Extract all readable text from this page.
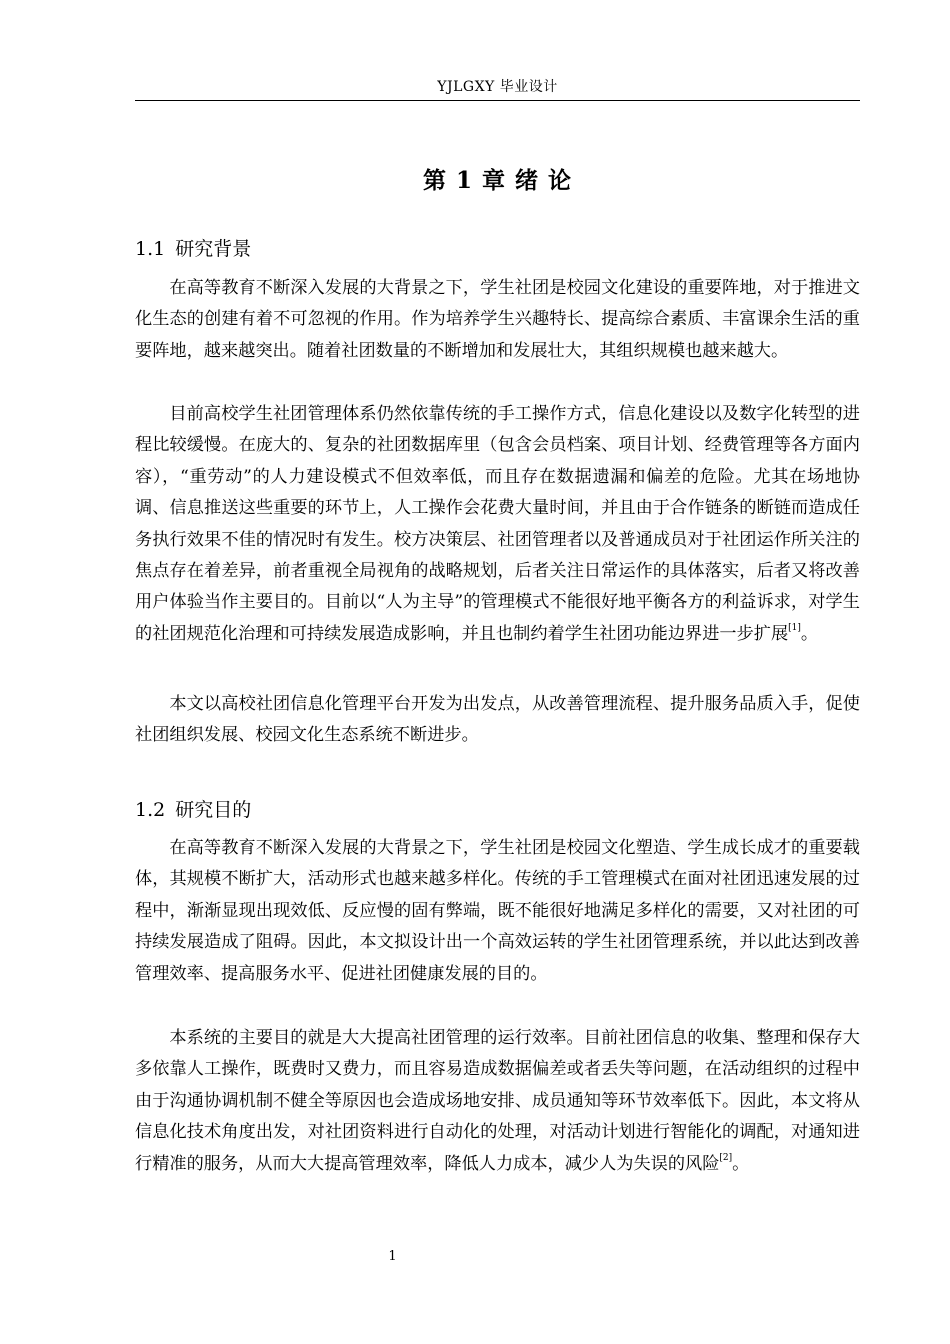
YJLGXY 毕业设计
第 1 章 绪 论
1.1 研究背景

在高等教育不断深入发展的大背景之下，学生社团是校园文化建设的重要阵地，对于推进文化生态的创建有着不可忽视的作用。作为培养学生兴趣特长、提高综合素质、丰富课余生活的重要阵地，越来越突出。随着社团数量的不断增加和发展壮大，其组织规模也越来越大。

目前高校学生社团管理体系仍然依靠传统的手工操作方式，信息化建设以及数字化转型的进程比较缓慢。在庞大的、复杂的社团数据库里（包含会员档案、项目计划、经费管理等各方面内容），“重劳动”的人力建设模式不但效率低，而且存在数据遗漏和偏差的危险。尤其在场地协调、信息推送这些重要的环节上，人工操作会花费大量时间，并且由于合作链条的断链而造成任务执行效果不佳的情况时有发生。校方决策层、社团管理者以及普通成员对于社团运作所关注的焦点存在着差异，前者重视全局视角的战略规划，后者关注日常运作的具体落实，后者又将改善用户体验当作主要目的。目前以“人为主导”的管理模式不能很好地平衡各方的利益诉求，对学生的社团规范化治理和可持续发展造成影响，并且也制约着学生社团功能边界进一步扩展[1]。

本文以高校社团信息化管理平台开发为出发点，从改善管理流程、提升服务品质入手，促使社团组织发展、校园文化生态系统不断进步。

1.2 研究目的

在高等教育不断深入发展的大背景之下，学生社团是校园文化塑造、学生成长成才的重要载体，其规模不断扩大，活动形式也越来越多样化。传统的手工管理模式在面对社团迅速发展的过程中，渐渐显现出现效低、反应慢的固有弊端，既不能很好地满足多样化的需要，又对社团的可持续发展造成了阻碍。因此，本文拟设计出一个高效运转的学生社团管理系统，并以此达到改善管理效率、提高服务水平、促进社团健康发展的目的。

本系统的主要目的就是大大提高社团管理的运行效率。目前社团信息的收集、整理和保存大多依靠人工操作，既费时又费力，而且容易造成数据偏差或者丢失等问题，在活动组织的过程中由于沟通协调机制不健全等原因也会造成场地安排、成员通知等环节效率低下。因此，本文将从信息化技术角度出发，对社团资料进行自动化的处理，对活动计划进行智能化的调配，对通知进行精准的服务，从而大大提高管理效率，降低人力成本，减少人为失误的风险[2]。

1
